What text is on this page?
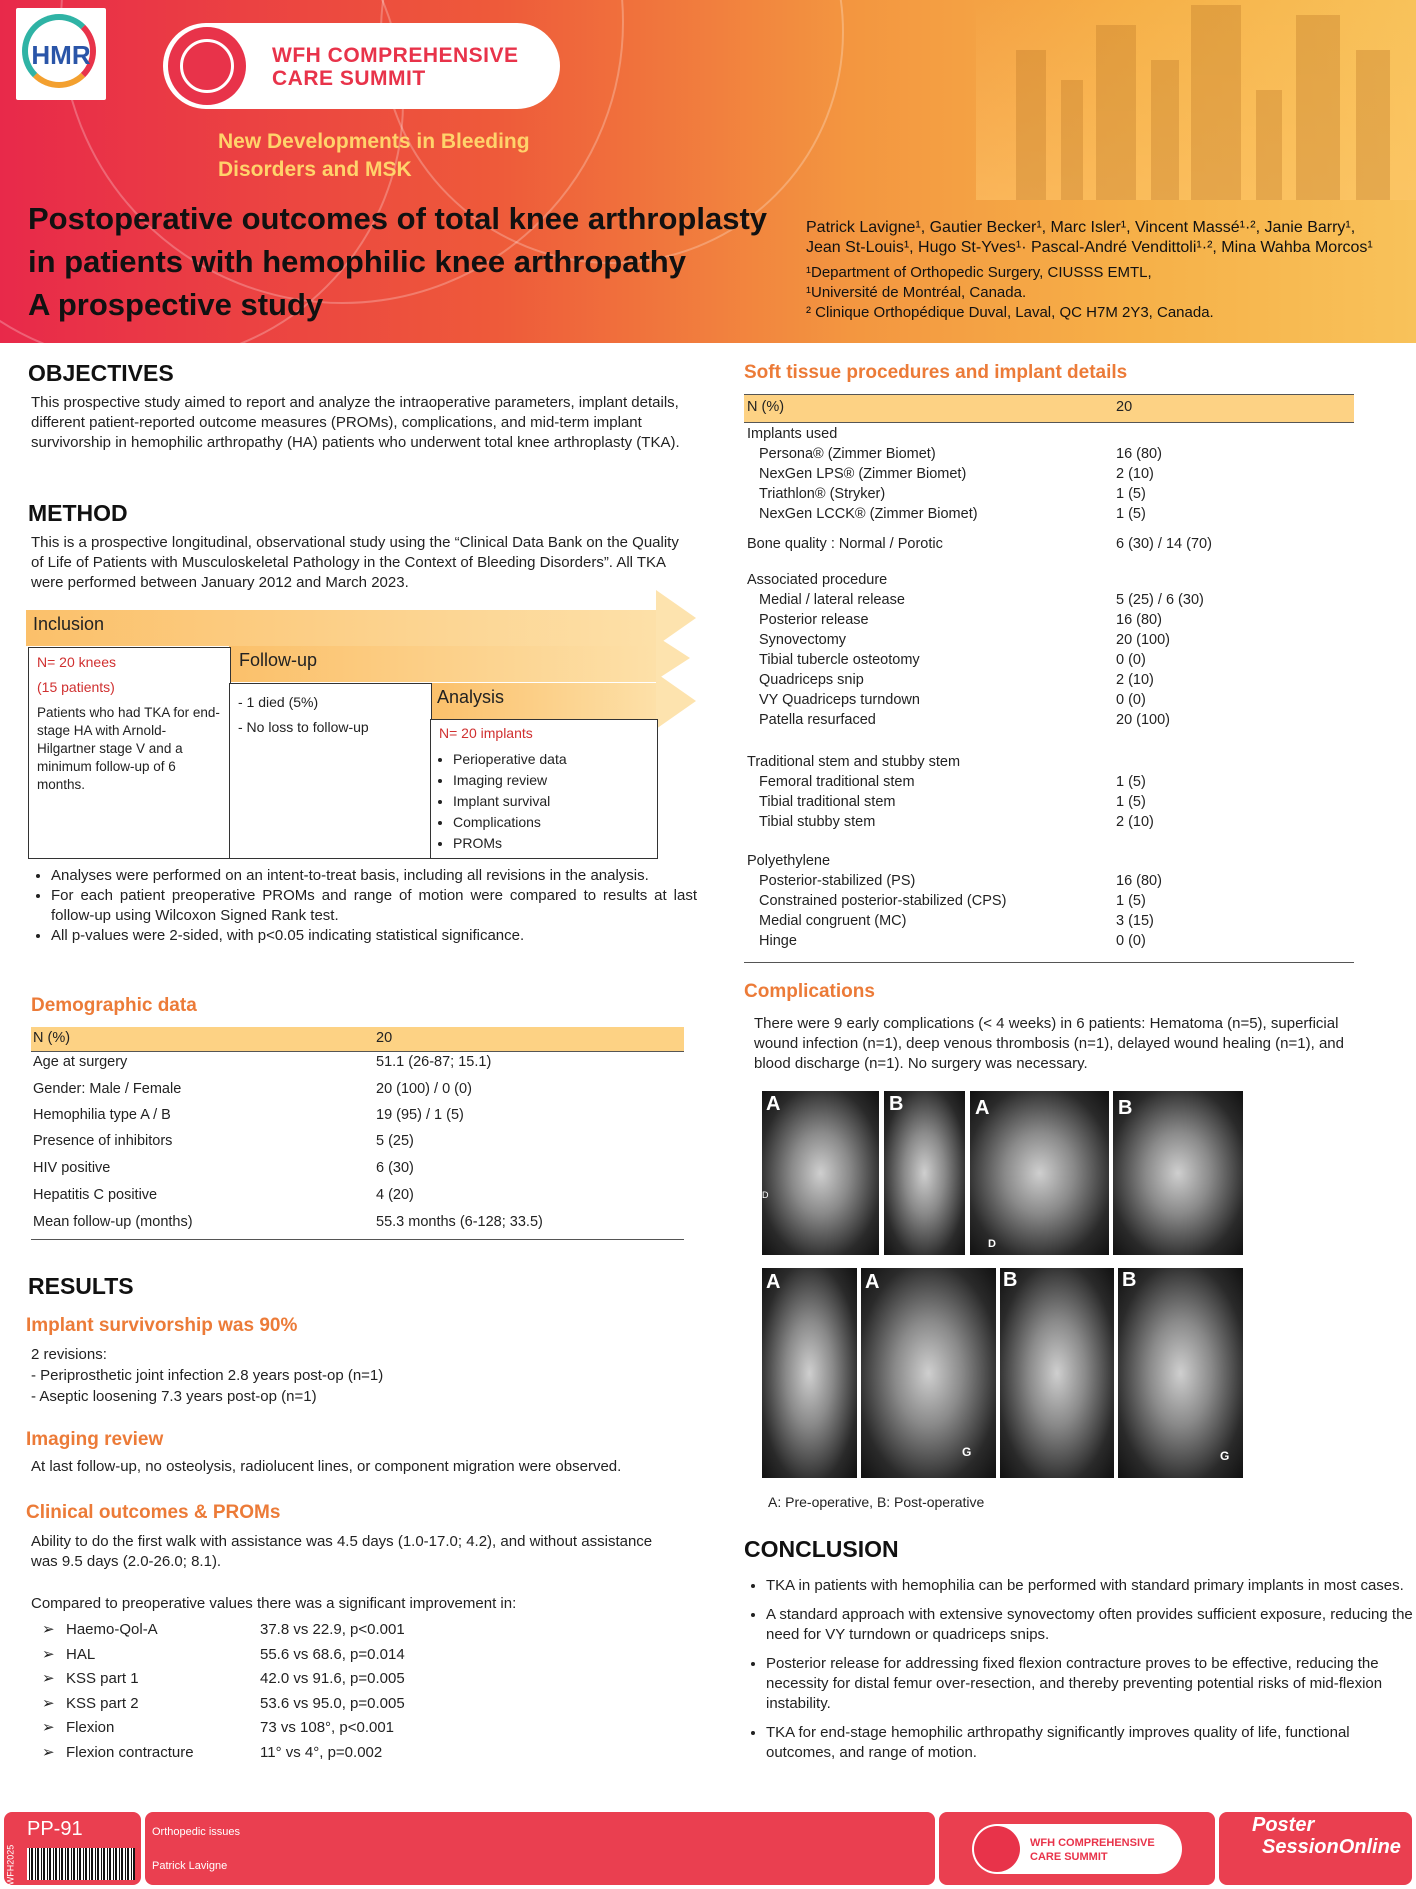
HMR	WFH COMPREHENSIVE
CARE SUMMIT
New Developments in Bleeding
Disorders and MSK
Postoperative outcomes of total knee arthroplasty
in patients with hemophilic knee arthropathy
A prospective study
Patrick Lavigne¹, Gautier Becker¹, Marc Isler¹, Vincent Massé¹·², Janie Barry¹,
Jean St-Louis¹, Hugo St-Yves¹· Pascal-André Vendittoli¹·², Mina Wahba Morcos¹
¹Department of Orthopedic Surgery, CIUSSS EMTL,
¹Université de Montréal, Canada.
² Clinique Orthopédique Duval, Laval, QC H7M 2Y3, Canada.
OBJECTIVES
This prospective study aimed to report and analyze the intraoperative parameters, implant details, different patient-reported outcome measures (PROMs), complications, and mid-term implant survivorship in hemophilic arthropathy (HA) patients who underwent total knee arthroplasty (TKA).
METHOD
This is a prospective longitudinal, observational study using the “Clinical Data Bank on the Quality of Life of Patients with Musculoskeletal Pathology in the Context of Bleeding Disorders”. All TKA were performed between January 2012 and March 2023.
Inclusion
Follow-up
Analysis
N= 20 knees
(15 patients)
Patients who had TKA for end-stage HA with Arnold-Hilgartner stage V and a minimum follow-up of 6 months.
- 1 died (5%)
- No loss to follow-up	N= 20 implants
• Perioperative data
• Imaging review
• Implant survival
• Complications
• PROMs
• Analyses were performed on an intent-to-treat basis, including all revisions in the analysis.
• For each patient preoperative PROMs and range of motion were compared to results at last follow-up using Wilcoxon Signed Rank test.
• All p-values were 2-sided, with p<0.05 indicating statistical significance.
Demographic data
N (%)	20
Age at surgery	51.1 (26-87; 15.1)
Gender: Male / Female	20 (100) / 0 (0)
Hemophilia type A / B	19 (95) / 1 (5)
Presence of inhibitors	5 (25)
HIV positive	6 (30)
Hepatitis C positive	4 (20)
Mean follow-up (months)	55.3 months (6-128; 33.5)
RESULTS
Implant survivorship was 90%
2 revisions:
- Periprosthetic joint infection 2.8 years post-op (n=1)
- Aseptic loosening 7.3 years post-op (n=1)
Imaging review
At last follow-up, no osteolysis, radiolucent lines, or component migration were observed.
Clinical outcomes & PROMs
Ability to do the first walk with assistance was 4.5 days (1.0-17.0; 4.2), and without assistance was 9.5 days (2.0-26.0; 8.1).
Compared to preoperative values there was a significant improvement in:
➢ Haemo-Qol-A	37.8 vs 22.9, p<0.001
➢ HAL	55.6 vs 68.6, p=0.014
➢ KSS part 1	42.0 vs 91.6, p=0.005
➢ KSS part 2	53.6 vs 95.0, p=0.005
➢ Flexion	73 vs 108°, p<0.001
➢ Flexion contracture	11° vs 4°, p=0.002
Soft tissue procedures and implant details
N (%)	20
Implants used
Persona® (Zimmer Biomet)	16 (80)
NexGen LPS® (Zimmer Biomet)	2 (10)
Triathlon® (Stryker)	1 (5)
NexGen LCCK® (Zimmer Biomet)	1 (5)
Bone quality : Normal / Porotic	6 (30) / 14 (70)
Associated procedure
Medial / lateral release	5 (25) / 6 (30)
Posterior release	16 (80)
Synovectomy	20 (100)
Tibial tubercle osteotomy	0 (0)
Quadriceps snip	2 (10)
VY Quadriceps turndown	0 (0)
Patella resurfaced	20 (100)
Traditional stem and stubby stem
Femoral traditional stem	1 (5)
Tibial traditional stem	1 (5)
Tibial stubby stem	2 (10)
Polyethylene
Posterior-stabilized (PS)	16 (80)
Constrained posterior-stabilized (CPS)	1 (5)
Medial congruent (MC)	3 (15)
Hinge	0 (0)
Complications
There were 9 early complications (< 4 weeks) in 6 patients: Hematoma (n=5), superficial wound infection (n=1), deep venous thrombosis (n=1), delayed wound healing (n=1), and blood discharge (n=1). No surgery was necessary.
A	B	A	B
A	A	B	B
D
D
G	G
A: Pre-operative, B: Post-operative
CONCLUSION
• TKA in patients with hemophilia can be performed with standard primary implants in most cases.
• A standard approach with extensive synovectomy often provides sufficient exposure, reducing the need for VY turndown or quadriceps snips.
• Posterior release for addressing fixed flexion contracture proves to be effective, reducing the necessity for distal femur over-resection, and thereby preventing potential risks of mid-flexion instability.
• TKA for end-stage hemophilic arthropathy significantly improves quality of life, functional outcomes, and range of motion.
PP-91
WFH2025
Orthopedic issues
Patrick Lavigne
WFH COMPREHENSIVE
CARE SUMMIT
Poster
SessionOnline
